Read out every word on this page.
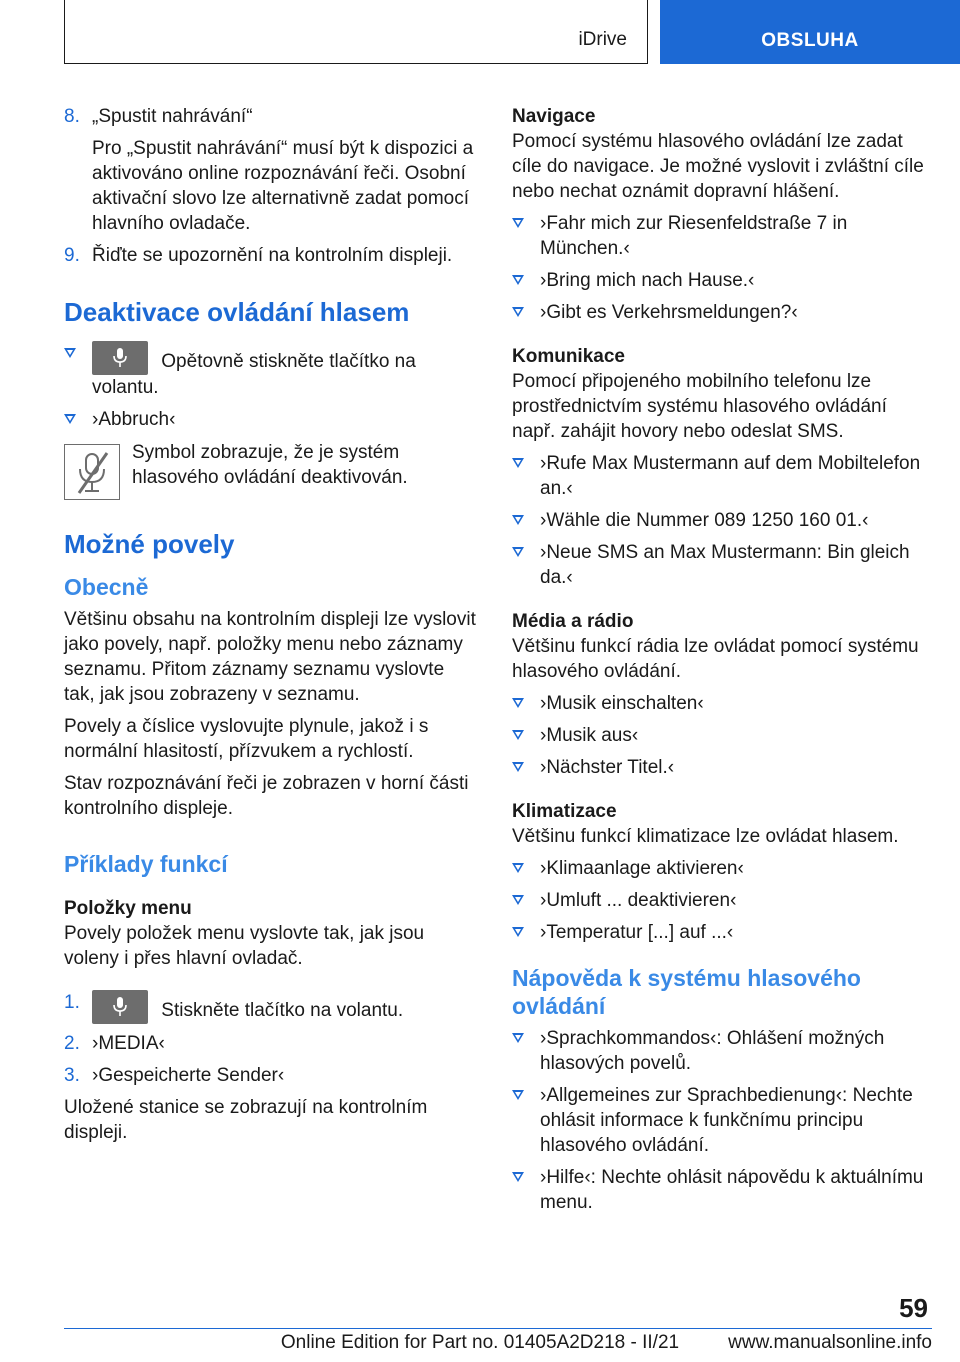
iDrive	OBSLUHA
8. „Spustit nahrávání“

Pro „Spustit nahrávání“ musí být k dispozici a aktivováno online rozpoznávání řeči. Osobní aktivační slovo lze alternativně zadat pomocí hlavního ovladače.

9. Řiďte se upozornění na kontrolním displeji.
Deaktivace ovládání hlasem
Opětovně stiskněte tlačítko na volantu.
›Abbruch‹
Symbol zobrazuje, že je systém hlasového ovládání deaktivován.
Možné povely
Obecně

Většinu obsahu na kontrolním displeji lze vyslovit jako povely, např. položky menu nebo záznamy seznamu. Přitom záznamy seznamu vyslovte tak, jak jsou zobrazeny v seznamu.

Povely a číslice vyslovujte plynule, jakož i s normální hlasitostí, přízvukem a rychlostí.

Stav rozpoznávání řeči je zobrazen v horní části kontrolního displeje.

Příklady funkcí
Položky menu

Povely položek menu vyslovte tak, jak jsou voleny i přes hlavní ovladač.

1.	Stiskněte tlačítko na volantu.
2. ›MEDIA‹
3. ›Gespeicherte Sender‹

Uložené stanice se zobrazují na kontrolním displeji.

Navigace

Pomocí systému hlasového ovládání lze zadat cíle do navigace. Je možné vyslovit i zvláštní cíle nebo nechat oznámit dopravní hlášení.

›Fahr mich zur Riesenfeldstraße 7 in München.‹
›Bring mich nach Hause.‹
›Gibt es Verkehrsmeldungen?‹
Komunikace

Pomocí připojeného mobilního telefonu lze prostřednictvím systému hlasového ovládání např. zahájit hovory nebo odeslat SMS.

›Rufe Max Mustermann auf dem Mobiltelefon an.‹
›Wähle die Nummer 089 1250 160 01.‹
›Neue SMS an Max Mustermann: Bin gleich da.‹
Média a rádio

Většinu funkcí rádia lze ovládat pomocí systému hlasového ovládání.

›Musik einschalten‹
›Musik aus‹
›Nächster Titel.‹
Klimatizace

Většinu funkcí klimatizace lze ovládat hlasem.

›Klimaanlage aktivieren‹
›Umluft ... deaktivieren‹
›Temperatur [...] auf ...‹
Nápověda k systému hlasového ovládání
›Sprachkommandos‹: Ohlášení možných hlasových povelů.
›Allgemeines zur Sprachbedienung‹: Nechte ohlásit informace k funkčnímu principu hlasového ovládání.
›Hilfe‹: Nechte ohlásit nápovědu k aktuálnímu menu.
59
Online Edition for Part no. 01405A2D218 - II/21	www.manualsonline.info
